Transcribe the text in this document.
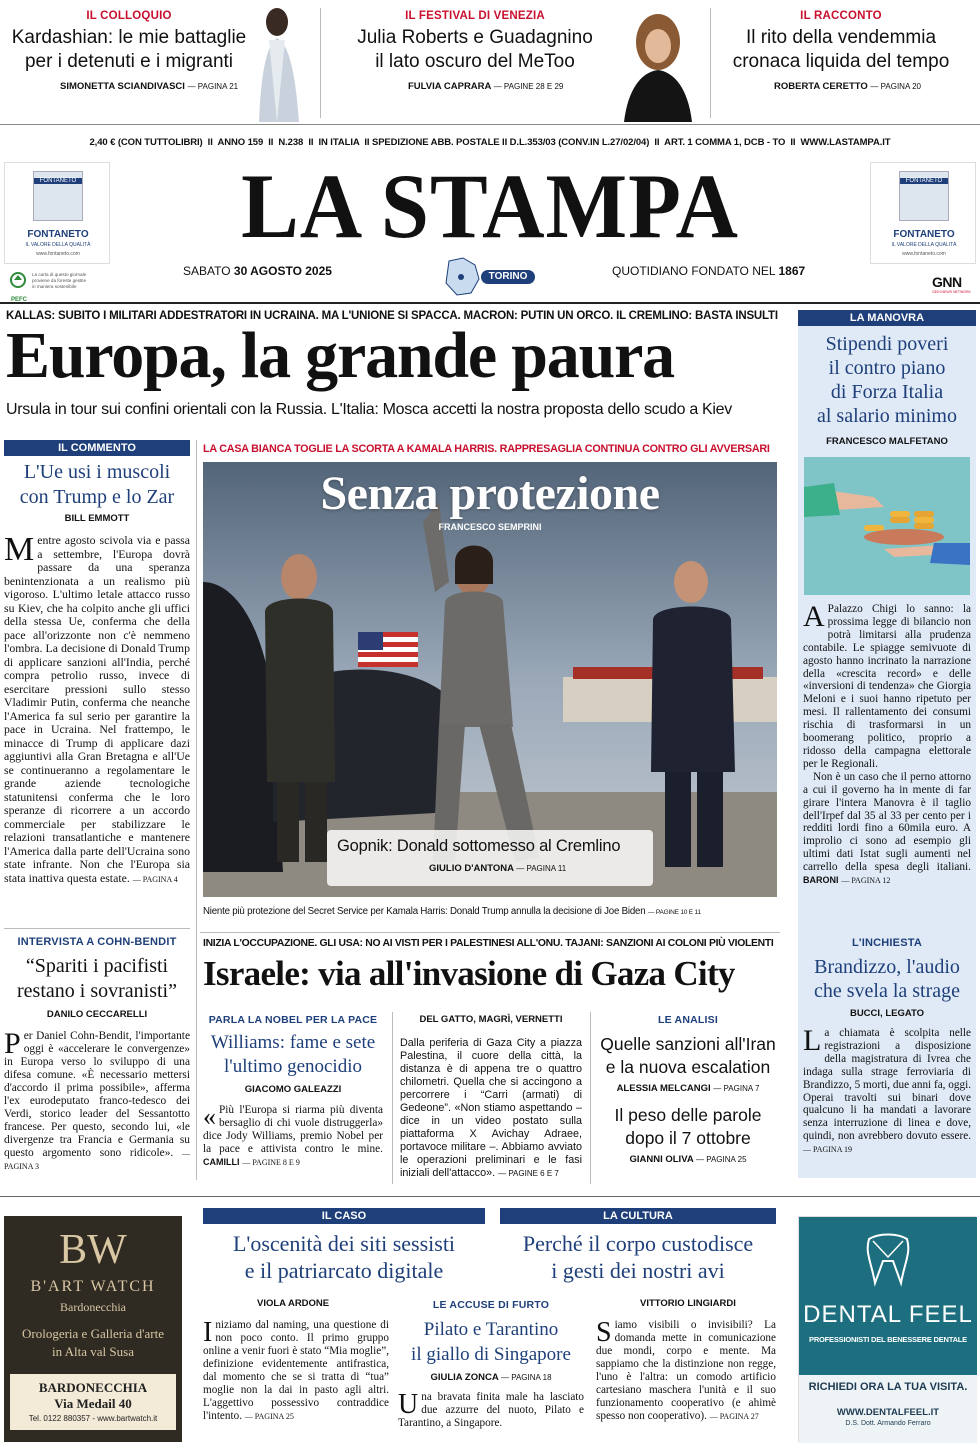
IL COLLOQUIO
Kardashian: le mie battaglie
per i detenuti e i migranti
SIMONETTA SCIANDIVASCI — PAGINA 21
IL FESTIVAL DI VENEZIA
Julia Roberts e Guadagnino
il lato oscuro del MeToo
FULVIA CAPRARA — PAGINE 28 E 29
IL RACCONTO
Il rito della vendemmia
cronaca liquida del tempo
ROBERTA CERETTO — PAGINA 20
2,40 € (CON TUTTOLIBRI)  II  ANNO 159  II  N.238  II  IN ITALIA  II SPEDIZIONE ABB. POSTALE II D.L.353/03 (CONV.IN L.27/02/04)  II  ART. 1 COMMA 1, DCB - TO  II  WWW.LASTAMPA.IT
FONTANETO
FONTANETO
IL VALORE DELLA QUALITÀ
www.fontaneto.com
PEFC
La carta di questo giornale proviene da foreste gestite in maniera sostenibile
LA STAMPA
SABATO 30 AGOSTO 2025	TORINO	QUOTIDIANO FONDATO NEL 1867
FONTANETO
FONTANETO
IL VALORE DELLA QUALITÀ
www.fontaneto.com
GNN
GEDI NEWS NETWORK
KALLAS: SUBITO I MILITARI ADDESTRATORI IN UCRAINA. MA L'UNIONE SI SPACCA. MACRON: PUTIN UN ORCO. IL CREMLINO: BASTA INSULTI
Europa, la grande paura
Ursula in tour sui confini orientali con la Russia. L'Italia: Mosca accetti la nostra proposta dello scudo a Kiev
IL COMMENTO
L'Ue usi i muscoli
con Trump e lo Zar
BILL EMMOTT
Mentre agosto scivola via e passa a settembre, l'Europa dovrà passare da una speranza benintenzionata a un realismo più vigoroso. L'ultimo letale attacco russo su Kiev, che ha colpito anche gli uffici della stessa Ue, conferma che della pace all'orizzonte non c'è nemmeno l'ombra. La decisione di Donald Trump di applicare sanzioni all'India, perché compra petrolio russo, invece di esercitare pressioni sullo stesso Vladimir Putin, conferma che neanche l'America fa sul serio per garantire la pace in Ucraina. Nel frattempo, le minacce di Trump di applicare dazi aggiuntivi alla Gran Bretagna e all'Ue se continueranno a regolamentare le grande aziende tecnologiche statunitensi conferma che le loro speranze di ricorrere a un accordo commerciale per stabilizzare le relazioni transatlantiche e mantenere l'America dalla parte dell'Ucraina sono state infrante. Non che l'Europa sia stata inattiva questa estate. — PAGINA 4
INTERVISTA A COHN-BENDIT
“Spariti i pacifisti
restano i sovranisti”
DANILO CECCARELLI
Per Daniel Cohn-Bendit, l'importante oggi è «accelerare le convergenze» in Europa verso lo sviluppo di una difesa comune. «È necessario mettersi d'accordo il prima possibile», afferma l'ex eurodeputato franco-tedesco dei Verdi, storico leader del Sessantotto francese. Per questo, secondo lui, «le divergenze tra Francia e Germania su questo argomento sono ridicole». — PAGINA 3
LA CASA BIANCA TOGLIE LA SCORTA A KAMALA HARRIS. RAPPRESAGLIA CONTINUA CONTRO GLI AVVERSARI
Senza protezione
FRANCESCO SEMPRINI
Gopnik: Donald sottomesso al Cremlino
GIULIO D'ANTONA — PAGINA 11
Niente più protezione del Secret Service per Kamala Harris: Donald Trump annulla la decisione di Joe Biden — PAGINE 10 E 11
LA MANOVRA
Stipendi poveri
il contro piano
di Forza Italia
al salario minimo
FRANCESCO MALFETANO
A Palazzo Chigi lo sanno: la prossima legge di bilancio non potrà limitarsi alla prudenza contabile. Le spiagge semivuote di agosto hanno incrinato la narrazione della «crescita record» e delle «inversioni di tendenza» che Giorgia Meloni e i suoi hanno ripetuto per mesi. Il rallentamento dei consumi rischia di trasformarsi in un boomerang politico, proprio a ridosso della campagna elettorale per le Regionali.
Non è un caso che il perno attorno a cui il governo ha in mente di far girare l'intera Manovra è il taglio dell'Irpef dal 35 al 33 per cento per i redditi lordi fino a 60mila euro. A improlio ci sono ad esempio gli ultimi dati Istat sugli aumenti nel carrello della spesa degli italiani. BARONI — PAGINA 12
L'INCHIESTA
Brandizzo, l'audio
che svela la strage
BUCCI, LEGATO
La chiamata è scolpita nelle registrazioni a disposizione della magistratura di Ivrea che indaga sulla strage ferroviaria di Brandizzo, 5 morti, due anni fa, oggi. Operai travolti sui binari dove qualcuno li ha mandati a lavorare senza interruzione di linea e dove, quindi, non avrebbero dovuto essere. — PAGINA 19
INIZIA L'OCCUPAZIONE. GLI USA: NO AI VISTI PER I PALESTINESI ALL'ONU. TAJANI: SANZIONI AI COLONI PIÙ VIOLENTI
Israele: via all'invasione di Gaza City
PARLA LA NOBEL PER LA PACE
Williams: fame e sete
l'ultimo genocidio
GIACOMO GALEAZZI
« Più l'Europa si riarma più diventa bersaglio di chi vuole distruggerla» dice Jody Williams, premio Nobel per la pace e attivista contro le mine. CAMILLI — PAGINE 8 E 9
DEL GATTO, MAGRÌ, VERNETTI
Dalla periferia di Gaza City a piazza Palestina, il cuore della città, la distanza è di appena tre o quattro chilometri. Quella che si accingono a percorrere i “Carri (armati) di Gedeone”. «Non stiamo aspettando – dice in un video postato sulla piattaforma X Avichay Adraee, portavoce militare –. Abbiamo avviato le operazioni preliminari e le fasi iniziali dell'attacco». — PAGINE 6 E 7
LE ANALISI
Quelle sanzioni all'Iran
e la nuova escalation
ALESSIA MELCANGI — PAGINA 7
Il peso delle parole
dopo il 7 ottobre
GIANNI OLIVA — PAGINA 25
BW
B'ART WATCH
Bardonecchia
Orologeria e Galleria d'arte
in Alta val Susa
BARDONECCHIA
Via Medail 40
Tel. 0122 880357 - www.bartwatch.it
IL CASO
L'oscenità dei siti sessisti
e il patriarcato digitale
VIOLA ARDONE
Iniziamo dal naming, una questione di non poco conto. Il primo gruppo online a venir fuori è stato “Mia moglie”, definizione evidentemente antifrastica, dal momento che se si tratta di “tua” moglie non la dai in pasto agli altri. L'aggettivo possessivo contraddice l'intento. — PAGINA 25
LA CULTURA
Perché il corpo custodisce
i gesti dei nostri avi
VITTORIO LINGIARDI
Siamo visibili o invisibili? La domanda mette in comunicazione due mondi, corpo e mente. Ma sappiamo che la distinzione non regge, l'uno è l'altra: un comodo artificio cartesiano maschera l'unità e il suo funzionamento cooperativo (e ahimè spesso non cooperativo). — PAGINA 27
LE ACCUSE DI FURTO
Pilato e Tarantino
il giallo di Singapore
GIULIA ZONCA — PAGINA 18
Una bravata finita male ha lasciato due azzurre del nuoto, Pilato e Tarantino, a Singapore.
DENTAL FEEL
PROFESSIONISTI DEL BENESSERE DENTALE
RICHIEDI ORA LA TUA VISITA.
WWW.DENTALFEEL.IT
D.S. Dott. Armando Ferraro
